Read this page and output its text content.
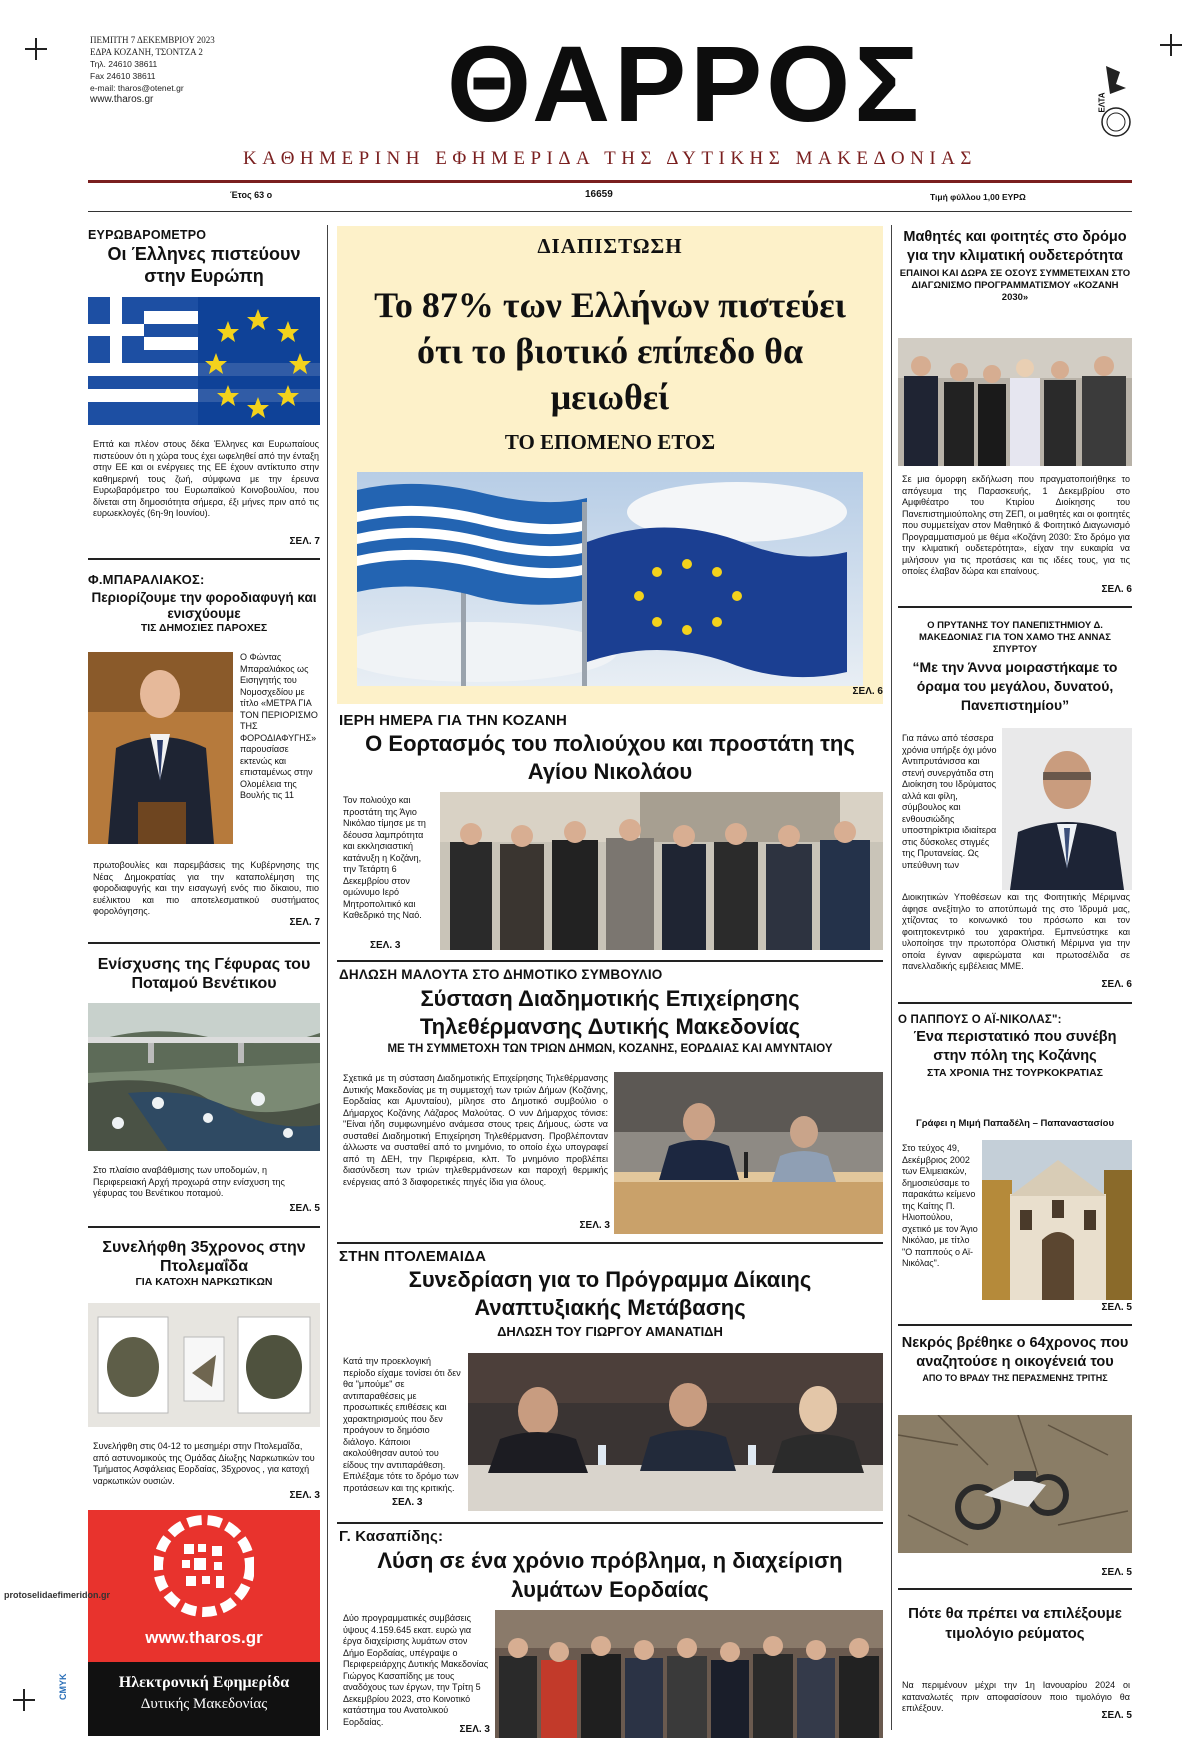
ΠΕΜΠΤΗ 7 ΔΕΚΕΜΒΡΙΟΥ 2023
ΕΔΡΑ ΚΟΖΑΝΗ, ΤΣΟΝΤΖΑ 2
Τηλ. 24610 38611
Fax 24610 38611
e-mail: tharos@otenet.gr
www.tharos.gr	ΘΑΡΡΟΣ	ΕΛΤΑ
ΚΑΘΗΜΕΡΙΝΗ ΕΦΗΜΕΡΙΔΑ ΤΗΣ ΔΥΤΙΚΗΣ ΜΑΚΕΔΟΝΙΑΣ
Έτος 63 ο	16659	Τιμή φύλλου 1,00 ΕΥΡΩ
ΕΥΡΩΒΑΡΟΜΕΤΡΟ
Οι Έλληνες πιστεύουν στην Ευρώπη
Επτά και πλέον στους δέκα Έλληνες και Ευρωπαίους πιστεύουν ότι η χώρα τους έχει ωφεληθεί από την ένταξη στην ΕΕ και οι ενέργειες της ΕΕ έχουν αντίκτυπο στην καθημερινή τους ζωή, σύμφωνα με την έρευνα Ευρωβαρόμετρο του Ευρωπαϊκού Κοινοβουλίου, που δίνεται στη δημοσιότητα σήμερα, έξι μήνες πριν από τις ευρωεκλογές (6η-9η Ιουνίου).
ΣΕΛ. 7
Φ.ΜΠΑΡΑΛΙΑΚΟΣ:
Περιορίζουμε την φοροδιαφυγή και ενισχύουμε
ΤΙΣ ΔΗΜΟΣΙΕΣ ΠΑΡΟΧΕΣ
Ο Φώντας Μπαραλιάκος ως Εισηγητής του Νομοσχεδίου με τίτλο «ΜΕΤΡΑ ΓΙΑ ΤΟΝ ΠΕΡΙΟΡΙΣΜΟ ΤΗΣ ΦΟΡΟΔΙΑΦΥΓΗΣ» παρουσίασε εκτενώς και επισταμένως στην Ολομέλεια της Βουλής τις 11
πρωτοβουλίες και παρεμβάσεις της Κυβέρνησης της Νέας Δημοκρατίας για την καταπολέμηση της φοροδιαφυγής και την εισαγωγή ενός πιο δίκαιου, πιο ευέλικτου και πιο αποτελεσματικού συστήματος φορολόγησης.
ΣΕΛ. 7
Ενίσχυσης της Γέφυρας του Ποταμού Βενέτικου
Στο πλαίσιο αναβάθμισης των υποδομών, η Περιφερειακή Αρχή προχωρά στην ενίσχυση της γέφυρας του Βενέτικου ποταμού.
ΣΕΛ. 5
Συνελήφθη 35χρονος στην Πτολεμαΐδα
ΓΙΑ ΚΑΤΟΧΗ ΝΑΡΚΩΤΙΚΩΝ
Συνελήφθη στις 04-12 το μεσημέρι στην Πτολεμαΐδα, από αστυνομικούς της Ομάδας Δίωξης Ναρκωτικών του Τμήματος Ασφάλειας Εορδαίας, 35χρονος , για κατοχή ναρκωτικών ουσιών.
ΣΕΛ. 3
www.tharos.gr
Ηλεκτρονική Εφημερίδα
Δυτικής Μακεδονίας
protoselidaefimeridon.gr
CMYK
ΔΙΑΠΙΣΤΩΣΗ
Το 87% των Ελλήνων πιστεύει ότι το βιοτικό επίπεδο θα μειωθεί
ΤΟ ΕΠΟΜΕΝΟ ΕΤΟΣ
ΣΕΛ. 6
ΙΕΡΗ ΗΜΕΡΑ ΓΙΑ ΤΗΝ ΚΟΖΑΝΗ
Ο Εορτασμός του πολιούχου και προστάτη της Αγίου Νικολάου
Τον πολιούχο και προστάτη της Άγιο Νικόλαο τίμησε με τη δέουσα λαμπρότητα και εκκλησιαστική κατάνυξη η Κοζάνη, την Τετάρτη 6 Δεκεμβρίου στον ομώνυμο Ιερό Μητροπολιτικό και Καθεδρικό της Ναό.
ΣΕΛ. 3
ΔΗΛΩΣΗ ΜΑΛΟΥΤΑ ΣΤΟ ΔΗΜΟΤΙΚΟ ΣΥΜΒΟΥΛΙΟ
Σύσταση Διαδημοτικής Επιχείρησης Τηλεθέρμανσης Δυτικής Μακεδονίας
ΜΕ ΤΗ ΣΥΜΜΕΤΟΧΗ ΤΩΝ ΤΡΙΩΝ ΔΗΜΩΝ, ΚΟΖΑΝΗΣ, ΕΟΡΔΑΙΑΣ ΚΑΙ ΑΜΥΝΤΑΙΟΥ
Σχετικά με τη σύσταση Διαδημοτικής Επιχείρησης Τηλεθέρμανσης Δυτικής Μακεδονίας με τη συμμετοχή των τριών Δήμων (Κοζάνης, Εορδαίας και Αμυνταίου), μίλησε στο Δημοτικό συμβούλιο ο Δήμαρχος Κοζάνης Λάζαρος Μαλούτας. Ο νυν Δήμαρχος τόνισε: "Είναι ήδη συμφωνημένο ανάμεσα στους τρεις Δήμους, ώστε να συσταθεί Διαδημοτική Επιχείρηση Τηλεθέρμανση. Προβλέπονταν άλλωστε να συσταθεί από το μνημόνιο, το οποίο έχω υπογραφεί από τη ΔΕΗ, την Περιφέρεια, κλπ. Το μνημόνιο προβλέπει διασύνδεση των τριών τηλεθερμάνσεων και παροχή θερμικής ενέργειας από 3 διαφορετικές πηγές ίδια για όλους.
ΣΕΛ. 3
ΣΤΗΝ ΠΤΟΛΕΜΑΙΔΑ
Συνεδρίαση για το Πρόγραμμα Δίκαιης Αναπτυξιακής Μετάβασης
ΔΗΛΩΣΗ ΤΟΥ ΓΙΩΡΓΟΥ ΑΜΑΝΑΤΙΔΗ
Κατά την προεκλογική περίοδο είχαμε τονίσει ότι δεν θα "μπούμε" σε αντιπαραθέσεις με προσωπικές επιθέσεις και χαρακτηρισμούς που δεν προάγουν το δημόσιο διάλογο. Κάποιοι ακολούθησαν αυτού του είδους την αντιπαράθεση. Επιλέξαμε τότε το δρόμο των προτάσεων και της κριτικής.
ΣΕΛ. 3
Γ. Κασαπίδης:
Λύση σε ένα χρόνιο πρόβλημα, η διαχείριση λυμάτων Εορδαίας
Δύο προγραμματικές συμβάσεις ύψους 4.159.645 εκατ. ευρώ για έργα διαχείρισης λυμάτων στον Δήμο Εορδαίας, υπέγραψε ο Περιφερειάρχης Δυτικής Μακεδονίας Γιώργος Κασαπίδης με τους αναδόχους των έργων, την Τρίτη 5 Δεκεμβρίου 2023, στο Κοινοτικό κατάστημα του Ανατολικού Εορδαίας.
ΣΕΛ. 3
Μαθητές και φοιτητές στο δρόμο για την κλιματική ουδετερότητα
ΕΠΑΙΝΟΙ ΚΑΙ ΔΩΡΑ ΣΕ ΟΣΟΥΣ ΣΥΜΜΕΤΕΙΧΑΝ ΣΤΟ ΔΙΑΓΩΝΙΣΜΟ ΠΡΟΓΡΑΜΜΑΤΙΣΜΟΥ «ΚΟΖΑΝΗ 2030»
Σε μια όμορφη εκδήλωση που πραγματοποιήθηκε το απόγευμα της Παρασκευής, 1 Δεκεμβρίου στο Αμφιθέατρο του Κτιρίου Διοίκησης του Πανεπιστημιούπολης στη ΖΕΠ, οι μαθητές και οι φοιτητές που συμμετείχαν στον Μαθητικό & Φοιτητικό Διαγωνισμό Προγραμματισμού με θέμα «Κοζάνη 2030: Στο δρόμο για την κλιματική ουδετερότητα», είχαν την ευκαιρία να μιλήσουν για τις προτάσεις και τις ιδέες τους, για τις οποίες έλαβαν δώρα και επαίνους.
ΣΕΛ. 6
Ο ΠΡΥΤΑΝΗΣ ΤΟΥ ΠΑΝΕΠΙΣΤΗΜΙΟΥ Δ. ΜΑΚΕΔΟΝΙΑΣ ΓΙΑ ΤΟΝ ΧΑΜΟ ΤΗΣ ΑΝΝΑΣ ΣΠΥΡΤΟΥ
“Με την Άννα μοιραστήκαμε το όραμα του μεγάλου, δυνατού, Πανεπιστημίου”
Για πάνω από τέσσερα χρόνια υπήρξε όχι μόνο Αντιπρυτάνισσα και στενή συνεργάτιδα στη Διοίκηση του Ιδρύματος αλλά και φίλη, σύμβουλος και ενθουσιώδης υποστηρίκτρια ιδιαίτερα στις δύσκολες στιγμές της Πρυτανείας. Ως υπεύθυνη των
Διοικητικών Υποθέσεων και της Φοιτητικής Μέριμνας άφησε ανεξίτηλο το αποτύπωμά της στο Ίδρυμά μας, χτίζοντας το κοινωνικό του πρόσωπο και τον φοιτητοκεντρικό του χαρακτήρα. Εμπνεύστηκε και υλοποίησε την πρωτοπόρα Ολιστική Μέριμνα για την οποία έγιναν αφιερώματα και πρωτοσέλιδα σε πανελλαδικής εμβέλειας ΜΜΕ.
ΣΕΛ. 6
Ο ΠΑΠΠΟΥΣ Ο ΑΪ-ΝΙΚΟΛΑΣ":
Ένα περιστατικό που συνέβη στην πόλη της Κοζάνης
ΣΤΑ ΧΡΟΝΙΑ ΤΗΣ ΤΟΥΡΚΟΚΡΑΤΙΑΣ
Γράφει η Μιμή Παπαδέλη – Παπαναστασίου
Στο τεύχος 49, Δεκέμβριος 2002 των Ελιμειακών, δημοσιεύσαμε το παρακάτω κείμενο της Καίτης Π. Ηλιοπούλου, σχετικό με τον Άγιο Νικόλαο, με τίτλο "Ο παππούς ο Αϊ-Νικόλας".
ΣΕΛ. 5
Νεκρός βρέθηκε ο 64χρονος που αναζητούσε η οικογένειά του
ΑΠΟ ΤΟ ΒΡΑΔΥ ΤΗΣ ΠΕΡΑΣΜΕΝΗΣ ΤΡΙΤΗΣ
ΣΕΛ. 5
Πότε θα πρέπει να επιλέξουμε τιμολόγιο ρεύματος
Να περιμένουν μέχρι την 1η Ιανουαρίου 2024 οι καταναλωτές πριν αποφασίσουν ποιο τιμολόγιο θα επιλέξουν.
ΣΕΛ. 5
